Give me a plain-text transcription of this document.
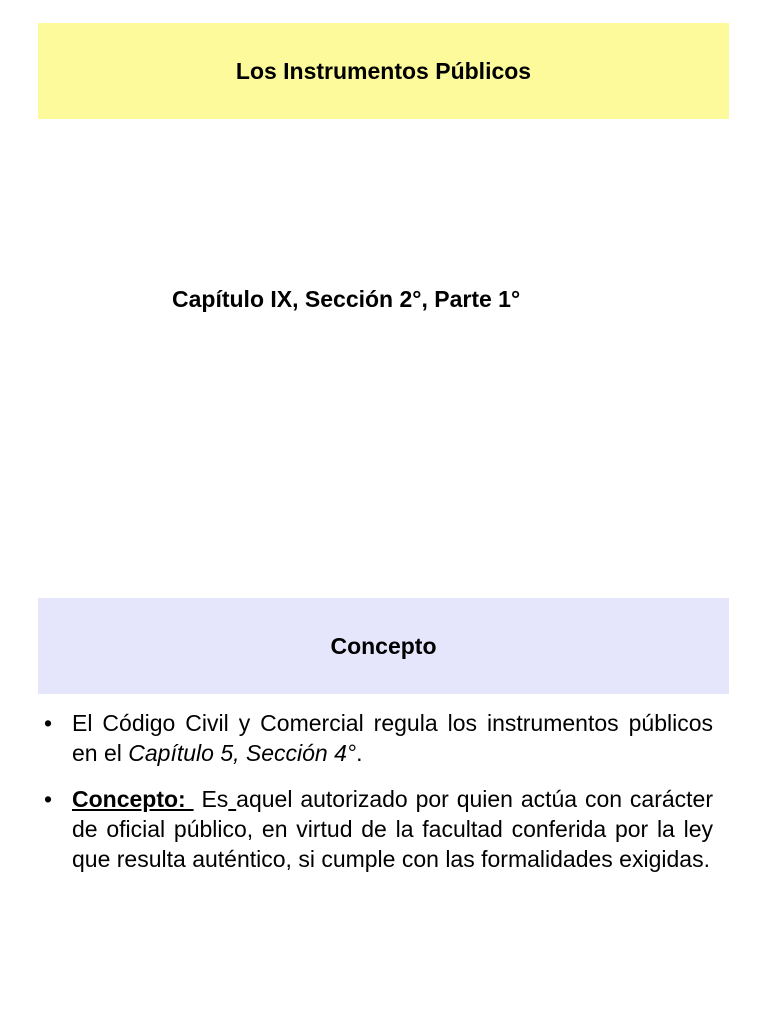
Los Instrumentos Públicos
Capítulo IX, Sección 2°, Parte 1°
Concepto
• El Código Civil y Comercial regula los instrumentos públicos en el Capítulo 5, Sección 4°.
• Concepto:  Es aquel autorizado por quien actúa con carácter de oficial público, en virtud de la facultad conferida por la ley que resulta auténtico, si cumple con las formalidades exigidas.
